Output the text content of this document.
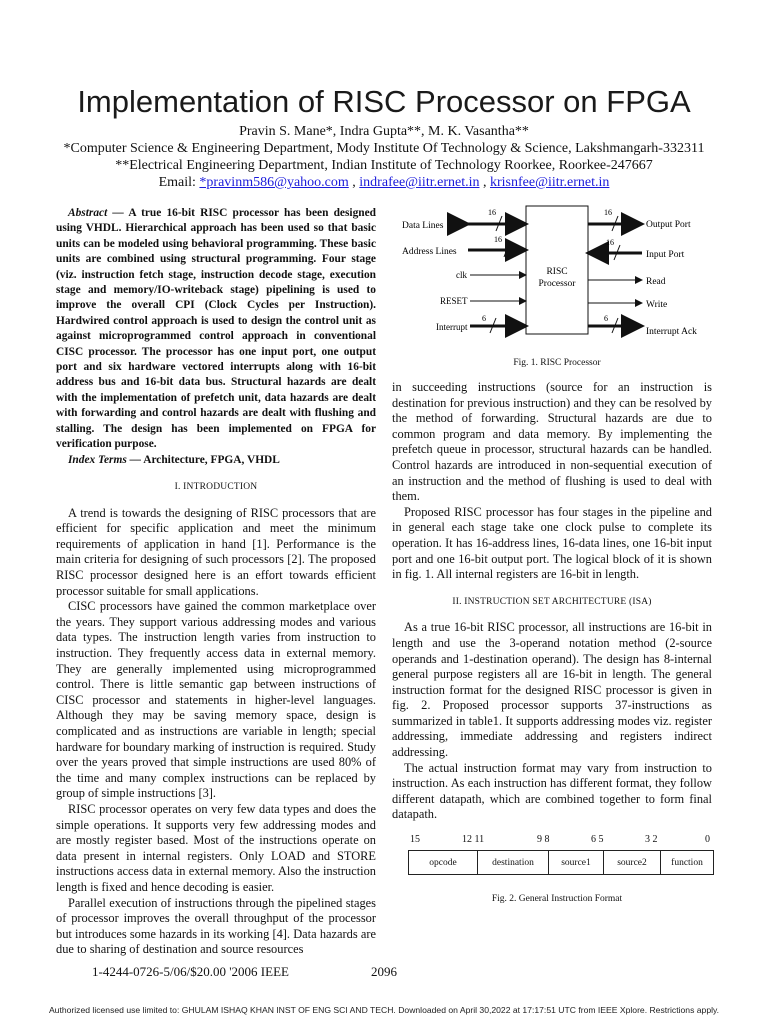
Implementation of RISC Processor on FPGA
Pravin S. Mane*, Indra Gupta**, M. K. Vasantha**
*Computer Science & Engineering Department, Mody Institute Of Technology & Science, Lakshmangarh-332311
**Electrical Engineering Department, Indian Institute of Technology Roorkee, Roorkee-247667
Email: *pravinm586@yahoo.com , indrafee@iitr.ernet.in , krisnfee@iitr.ernet.in

Abstract — A true 16-bit RISC processor has been designed using VHDL. Hierarchical approach has been used so that basic units can be modeled using behavioral programming. These basic units are combined using structural programming. Four stage (viz. instruction fetch stage, instruction decode stage, execution stage and memory/IO-writeback stage) pipelining is used to improve the overall CPI (Clock Cycles per Instruction). Hardwired control approach is used to design the control unit as against microprogrammed control approach in conventional CISC processor. The processor has one input port, one output port and six hardware vectored interrupts along with 16-bit address bus and 16-bit data bus. Structural hazards are dealt with the implementation of prefetch unit, data hazards are dealt with forwarding and control hazards are dealt with flushing and stalling. The design has been implemented on FPGA for verification purpose.

Index Terms — Architecture, FPGA, VHDL

I. INTRODUCTION

A trend is towards the designing of RISC processors that are efficient for specific application and meet the minimum requirements of application in hand [1]. Performance is the main criteria for designing of such processors [2]. The proposed RISC processor designed here is an effort towards efficient processor suitable for small applications.

CISC processors have gained the common marketplace over the years. They support various addressing modes and various data types. The instruction length varies from instruction to instruction. They frequently access data in external memory. They are generally implemented using microprogrammed control. There is little semantic gap between instructions of CISC processor and statements in higher-level languages. Although they may be saving memory space, design is complicated and as instructions are variable in length; special hardware for boundary marking of instruction is required. Study over the years proved that simple instructions are used 80% of the time and many complex instructions can be replaced by group of simple instructions [3].

RISC processor operates on very few data types and does the simple operations. It supports very few addressing modes and are mostly register based. Most of the instructions operate on data present in internal registers. Only LOAD and STORE instructions access data in external memory. Also the instruction length is fixed and hence decoding is easier.

Parallel execution of instructions through the pipelined stages of processor improves the overall throughput of the processor but introduces some hazards in its working [4]. Data hazards are due to sharing of destination and source resources

RISC
Processor
Data Lines
16
Address Lines
16
clk
RESET
Interrupt
6
16
Output Port
16
Input Port
Read
Write
6
Interrupt Ack
Fig. 1. RISC Processor

in succeeding instructions (source for an instruction is destination for previous instruction) and they can be resolved by the method of forwarding. Structural hazards are due to common program and data memory. By implementing the prefetch queue in processor, structural hazards can be handled. Control hazards are introduced in non-sequential execution of an instruction and the method of flushing is used to deal with them.

Proposed RISC processor has four stages in the pipeline and in general each stage take one clock pulse to complete its operation. It has 16-address lines, 16-data lines, one 16-bit input port and one 16-bit output port. The logical block of it is shown in fig. 1. All internal registers are 16-bit in length.

II. INSTRUCTION SET ARCHITECTURE (ISA)

As a true 16-bit RISC processor, all instructions are 16-bit in length and use the 3-operand notation method (2-source operands and 1-destination operand). The design has 8-internal general purpose registers all are 16-bit in length. The general instruction format for the designed RISC processor is given in fig. 2. Proposed processor supports 37-instructions as summarized in table1. It supports addressing modes viz. register addressing, immediate addressing and registers indirect addressing.

The actual instruction format may vary from instruction to instruction. As each instruction has different format, they follow different datapath, which are combined together to form final datapath.

15	12 11	9 8	6 5	3 2	0
opcode	destination	source1	source2	function
Fig. 2. General Instruction Format
1-4244-0726-5/06/$20.00 '2006 IEEE	2096
Authorized licensed use limited to: GHULAM ISHAQ KHAN INST OF ENG SCI AND TECH. Downloaded on April 30,2022 at 17:17:51 UTC from IEEE Xplore. Restrictions apply.
